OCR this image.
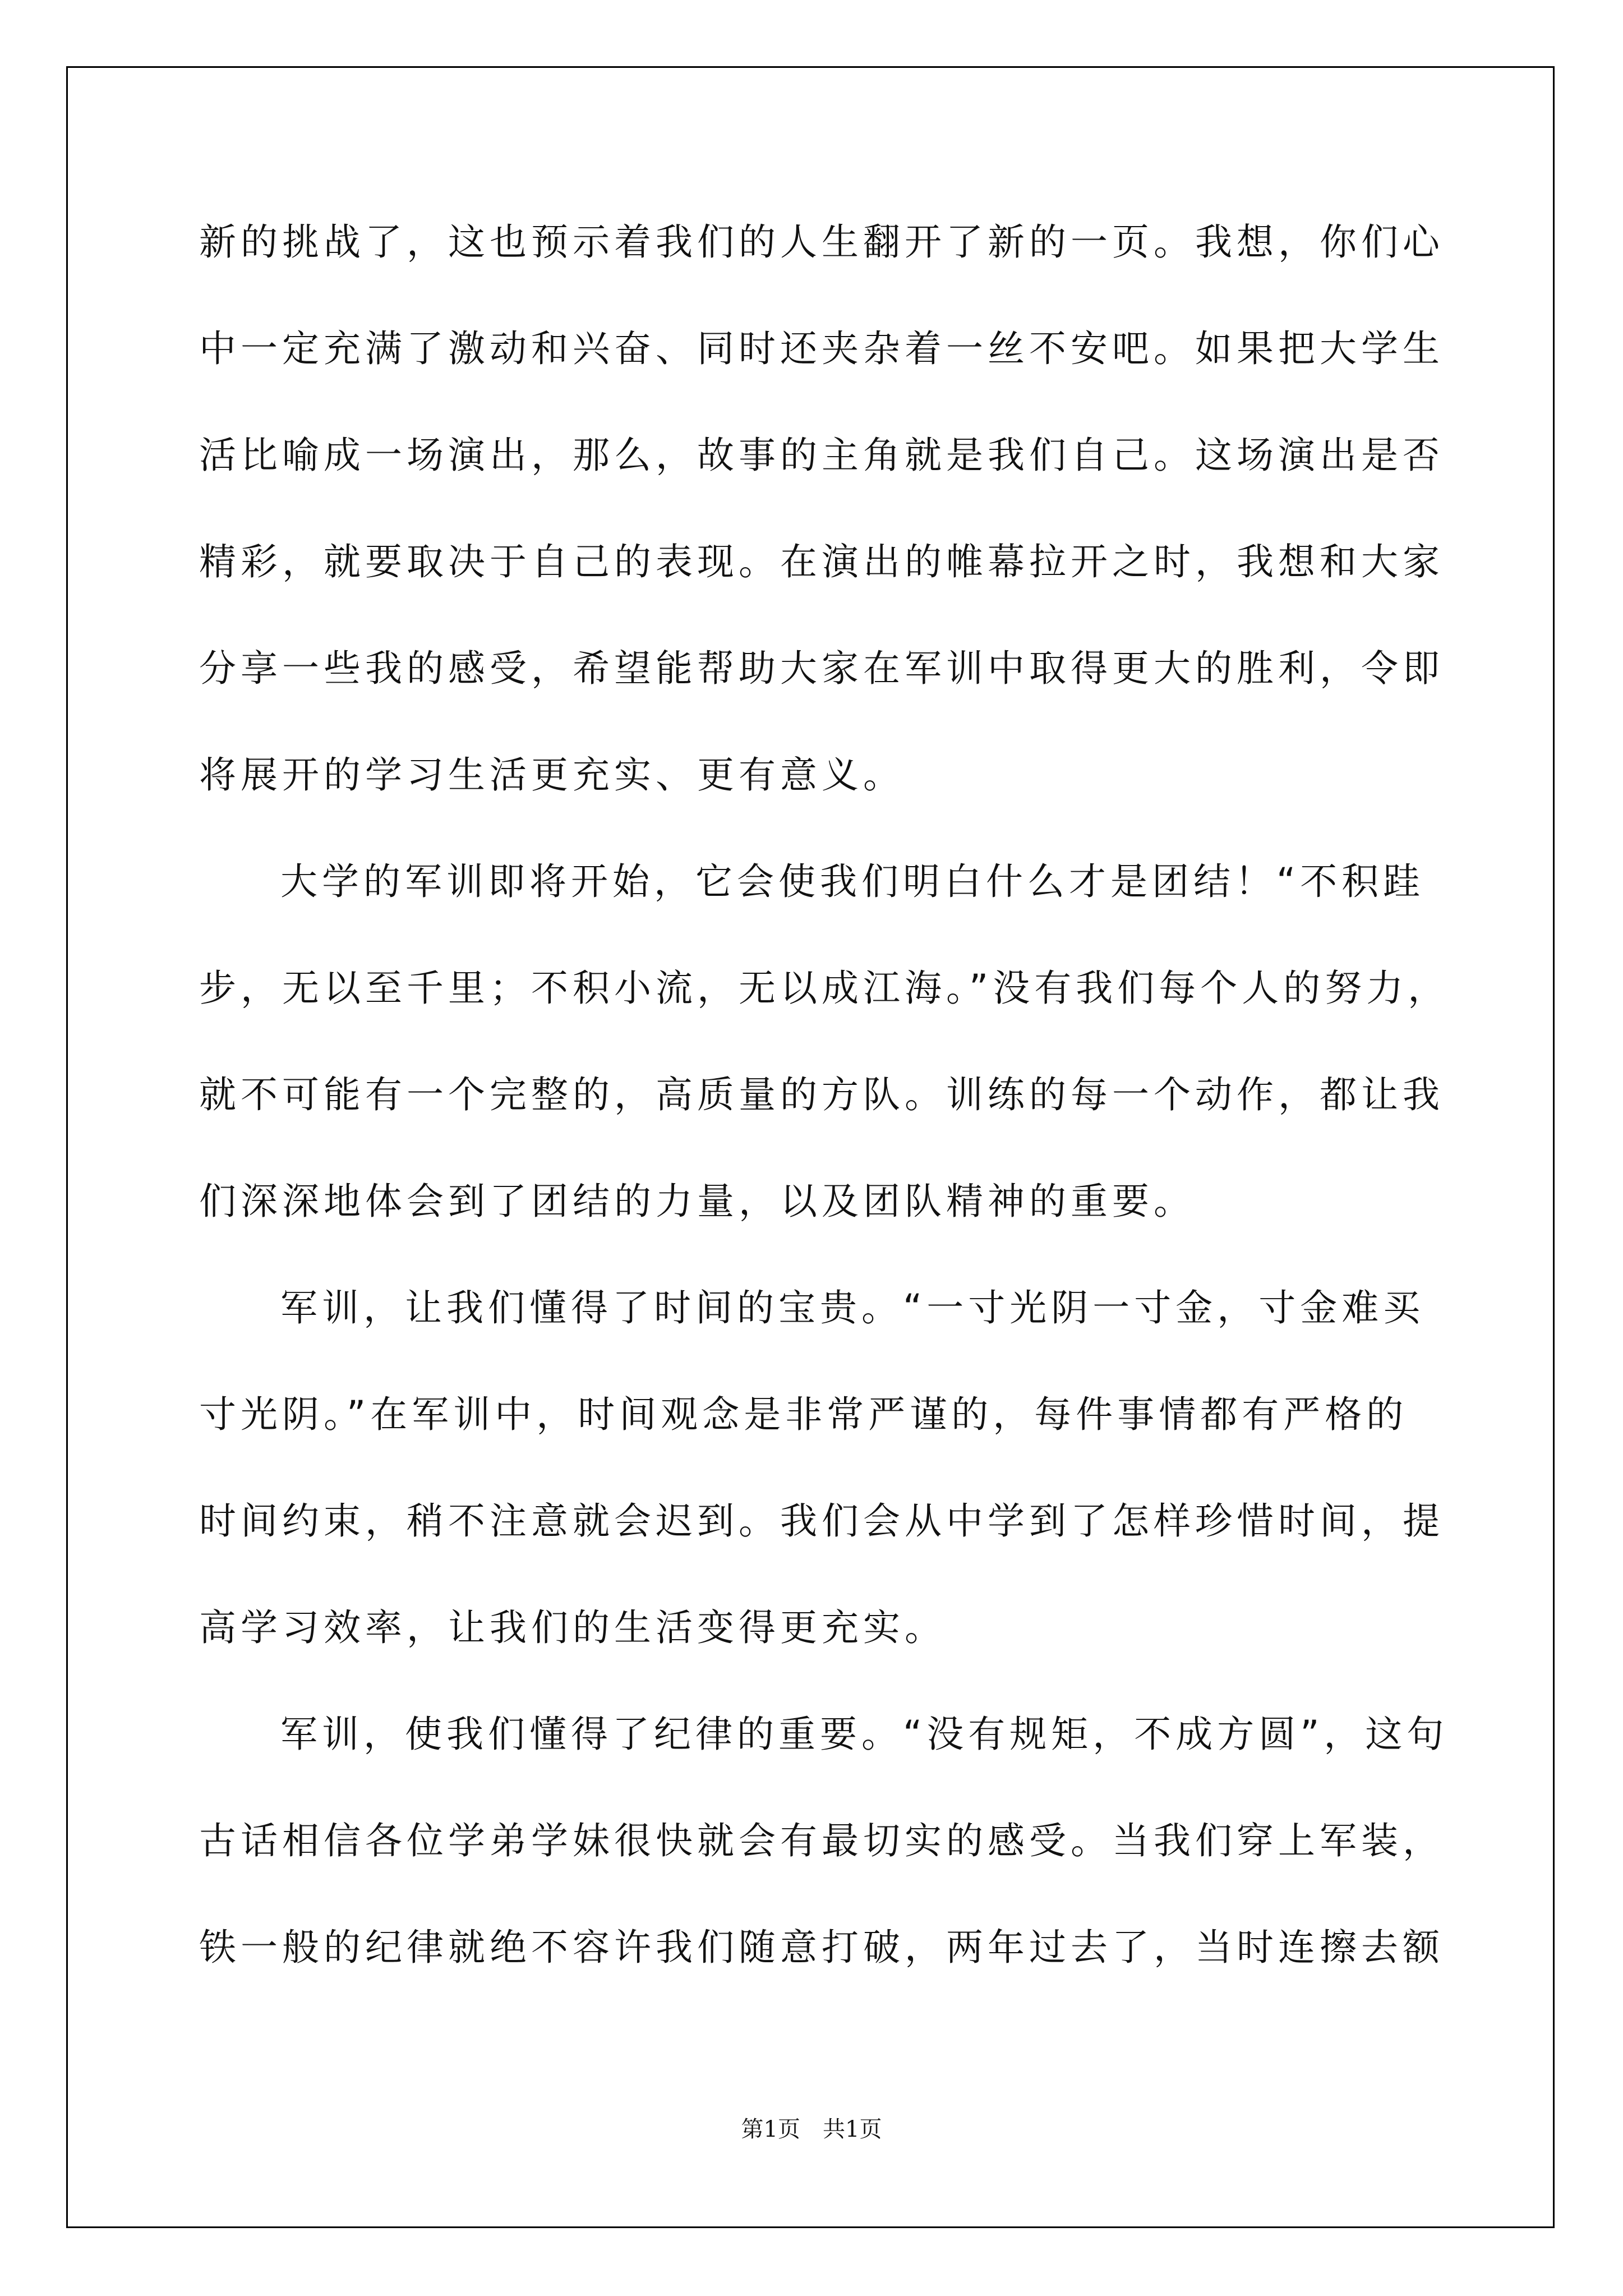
新的挑战了，这也预示着我们的人生翻开了新的一页。我想，你们心
中一定充满了激动和兴奋、同时还夹杂着一丝不安吧。如果把大学生
活比喻成一场演出，那么，故事的主角就是我们自己。这场演出是否
精彩，就要取决于自己的表现。在演出的帷幕拉开之时，我想和大家
分享一些我的感受，希望能帮助大家在军训中取得更大的胜利，令即
将展开的学习生活更充实、更有意义。
大学的军训即将开始，它会使我们明白什么才是团结！“不积跬
步，无以至千里；不积小流，无以成江海。”没有我们每个人的努力，
就不可能有一个完整的，高质量的方队。训练的每一个动作，都让我
们深深地体会到了团结的力量，以及团队精神的重要。
军训，让我们懂得了时间的宝贵。“一寸光阴一寸金，寸金难买
寸光阴。”在军训中，时间观念是非常严谨的，每件事情都有严格的
时间约束，稍不注意就会迟到。我们会从中学到了怎样珍惜时间，提
高学习效率，让我们的生活变得更充实。
军训，使我们懂得了纪律的重要。“没有规矩，不成方圆”，这句
古话相信各位学弟学妹很快就会有最切实的感受。当我们穿上军装，
铁一般的纪律就绝不容许我们随意打破，两年过去了，当时连擦去额
第1页　共1页
